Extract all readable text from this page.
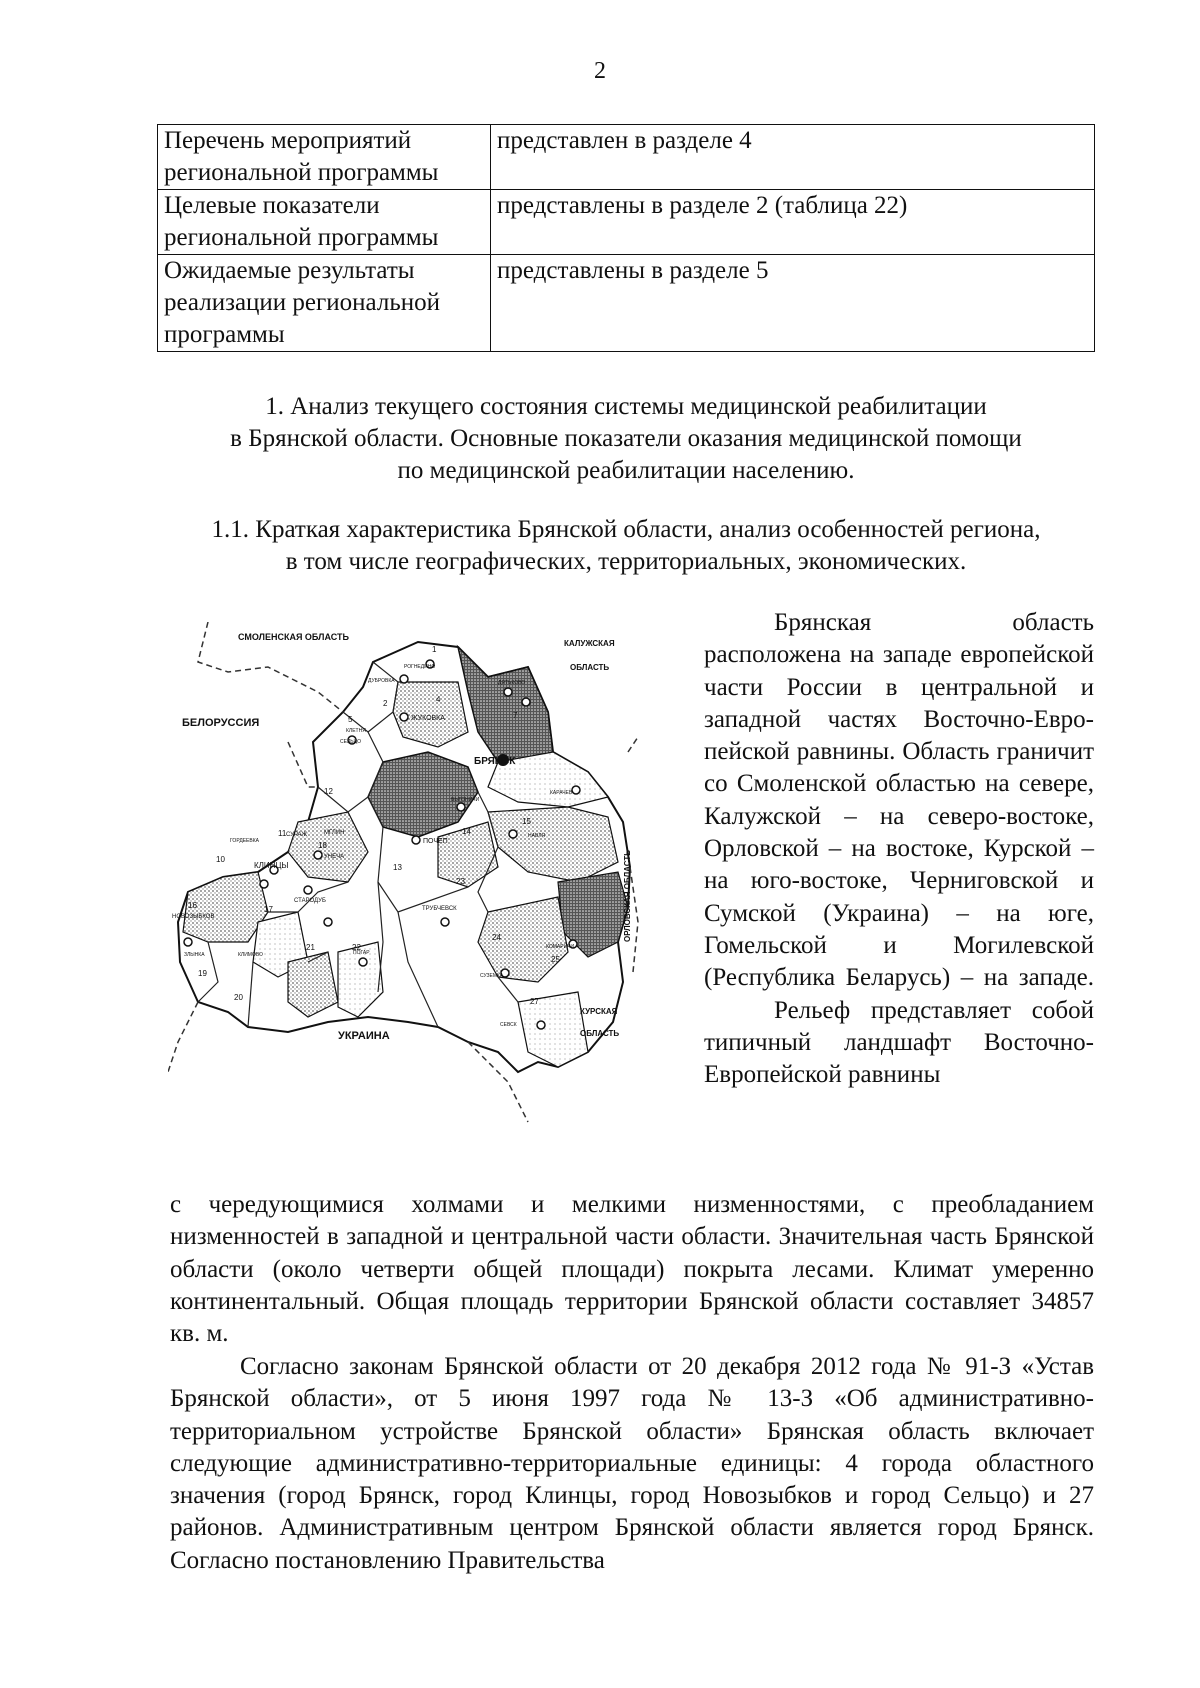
2
Перечень мероприятий региональной программы	представлен в разделе 4
Целевые показатели региональной программы	представлены в разделе 2 (таблица 22)
Ожидаемые результаты реализации региональной программы	представлены в разделе 5
1. Анализ текущего состояния системы медицинской реабилитации
в Брянской области. Основные показатели оказания медицинской помощи
по медицинской реабилитации населению.
1.1. Краткая характеристика Брянской области, анализ особенностей региона,
в том числе географических, территориальных, экономических.
СМОЛЕНСКАЯ ОБЛАСТЬ
КАЛУЖСКАЯ
ОБЛАСТЬ
БЕЛОРУССИЯ
УКРАИНА
ОРЛОВСКАЯ ОБЛАСТЬ
КУРСКАЯ
ОБЛАСТЬ
БРЯНСК
ЖУКОВКА
КЛИНЦЫ
НОВОЗЫБКОВ
ПОЧЕП
СТАРОДУБ
ТРУБЧЕВСК
СУРАЖ	МГЛИН
УНЕЧА
КАРАЧЕВ
ДЯТЬКОВО
СЕВСК
ЗЛЫНКА
СЕЛЬЦО
НАВЛЯ
ПОГАР
КЛИМОВО
СУЗЕМКА
КОМАРИЧИ
РОГНЕДИНО
ДУБРОВКА
КЛЕТНЯ
ВЫГОНИЧИ
ГОРДЕЕВКА
1
2	4
5	7
10
11
12
13
14
15
16	17
18
19
20
21	22
23
24
25
27

Брянская область расположена на западе европейской части России в центральной и западной частях Восточно-Евро-пейской равнины. Область граничит со Смоленской областью на севере, Калужской – на северо-востоке, Орловской – на востоке, Курской – на юго-востоке, Черниговской и Сумской (Украина) – на юге, Гомельской и Могилевской (Республика Беларусь) – на западе.

Рельеф представляет собой типичный ландшафт Восточно-Европейской равнины

с чередующимися холмами и мелкими низменностями, с преобладанием низменностей в западной и центральной части области. Значительная часть Брянской области (около четверти общей площади) покрыта лесами. Климат умеренно континентальный. Общая площадь территории Брянской области составляет 34857 кв. м.

Согласно законам Брянской области от 20 декабря 2012 года № 91-З «Устав Брянской области», от 5 июня 1997 года № 13-З «Об административно-территориальном устройстве Брянской области» Брянская область включает следующие административно-территориальные единицы: 4 города областного значения (город Брянск, город Клинцы, город Новозыбков и город Сельцо) и 27 районов. Административным центром Брянской области является город Брянск. Согласно постановлению Правительства
